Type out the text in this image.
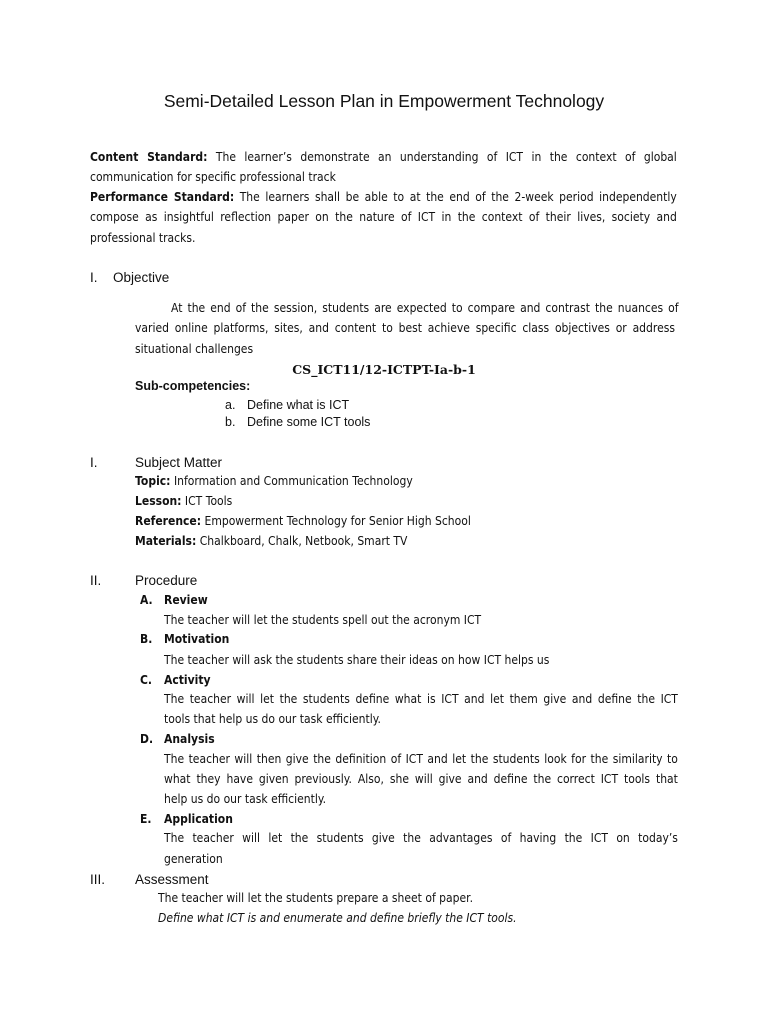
Semi-Detailed Lesson Plan in Empowerment Technology
Content Standard: The learner’s demonstrate an understanding of ICT in the context of global
communication for specific professional track
Performance Standard: The learners shall be able to at the end of the 2-week period independently
compose as insightful reflection paper on the nature of ICT in the context of their lives, society and
professional tracks.
I. Objective
At the end of the session, students are expected to compare and contrast the nuances of
varied online platforms, sites, and content to best achieve specific class objectives or address
situational challenges
CS_ICT11/12-ICTPT-Ia-b-1
Sub-competencies:
a. Define what is ICT
b. Define some ICT tools
I.	Subject Matter
Topic: Information and Communication Technology
Lesson: ICT Tools
Reference: Empowerment Technology for Senior High School
Materials: Chalkboard, Chalk, Netbook, Smart TV
II. Procedure
A. Review
The teacher will let the students spell out the acronym ICT
B. Motivation
The teacher will ask the students share their ideas on how ICT helps us
C. Activity
The teacher will let the students define what is ICT and let them give and define the ICT
tools that help us do our task efficiently.
D. Analysis
The teacher will then give the definition of ICT and let the students look for the similarity to
what they have given previously. Also, she will give and define the correct ICT tools that
help us do our task efficiently.
E. Application
The teacher will let the students give the advantages of having the ICT on today’s
generation
III. Assessment
The teacher will let the students prepare a sheet of paper.
Define what ICT is and enumerate and define briefly the ICT tools.
